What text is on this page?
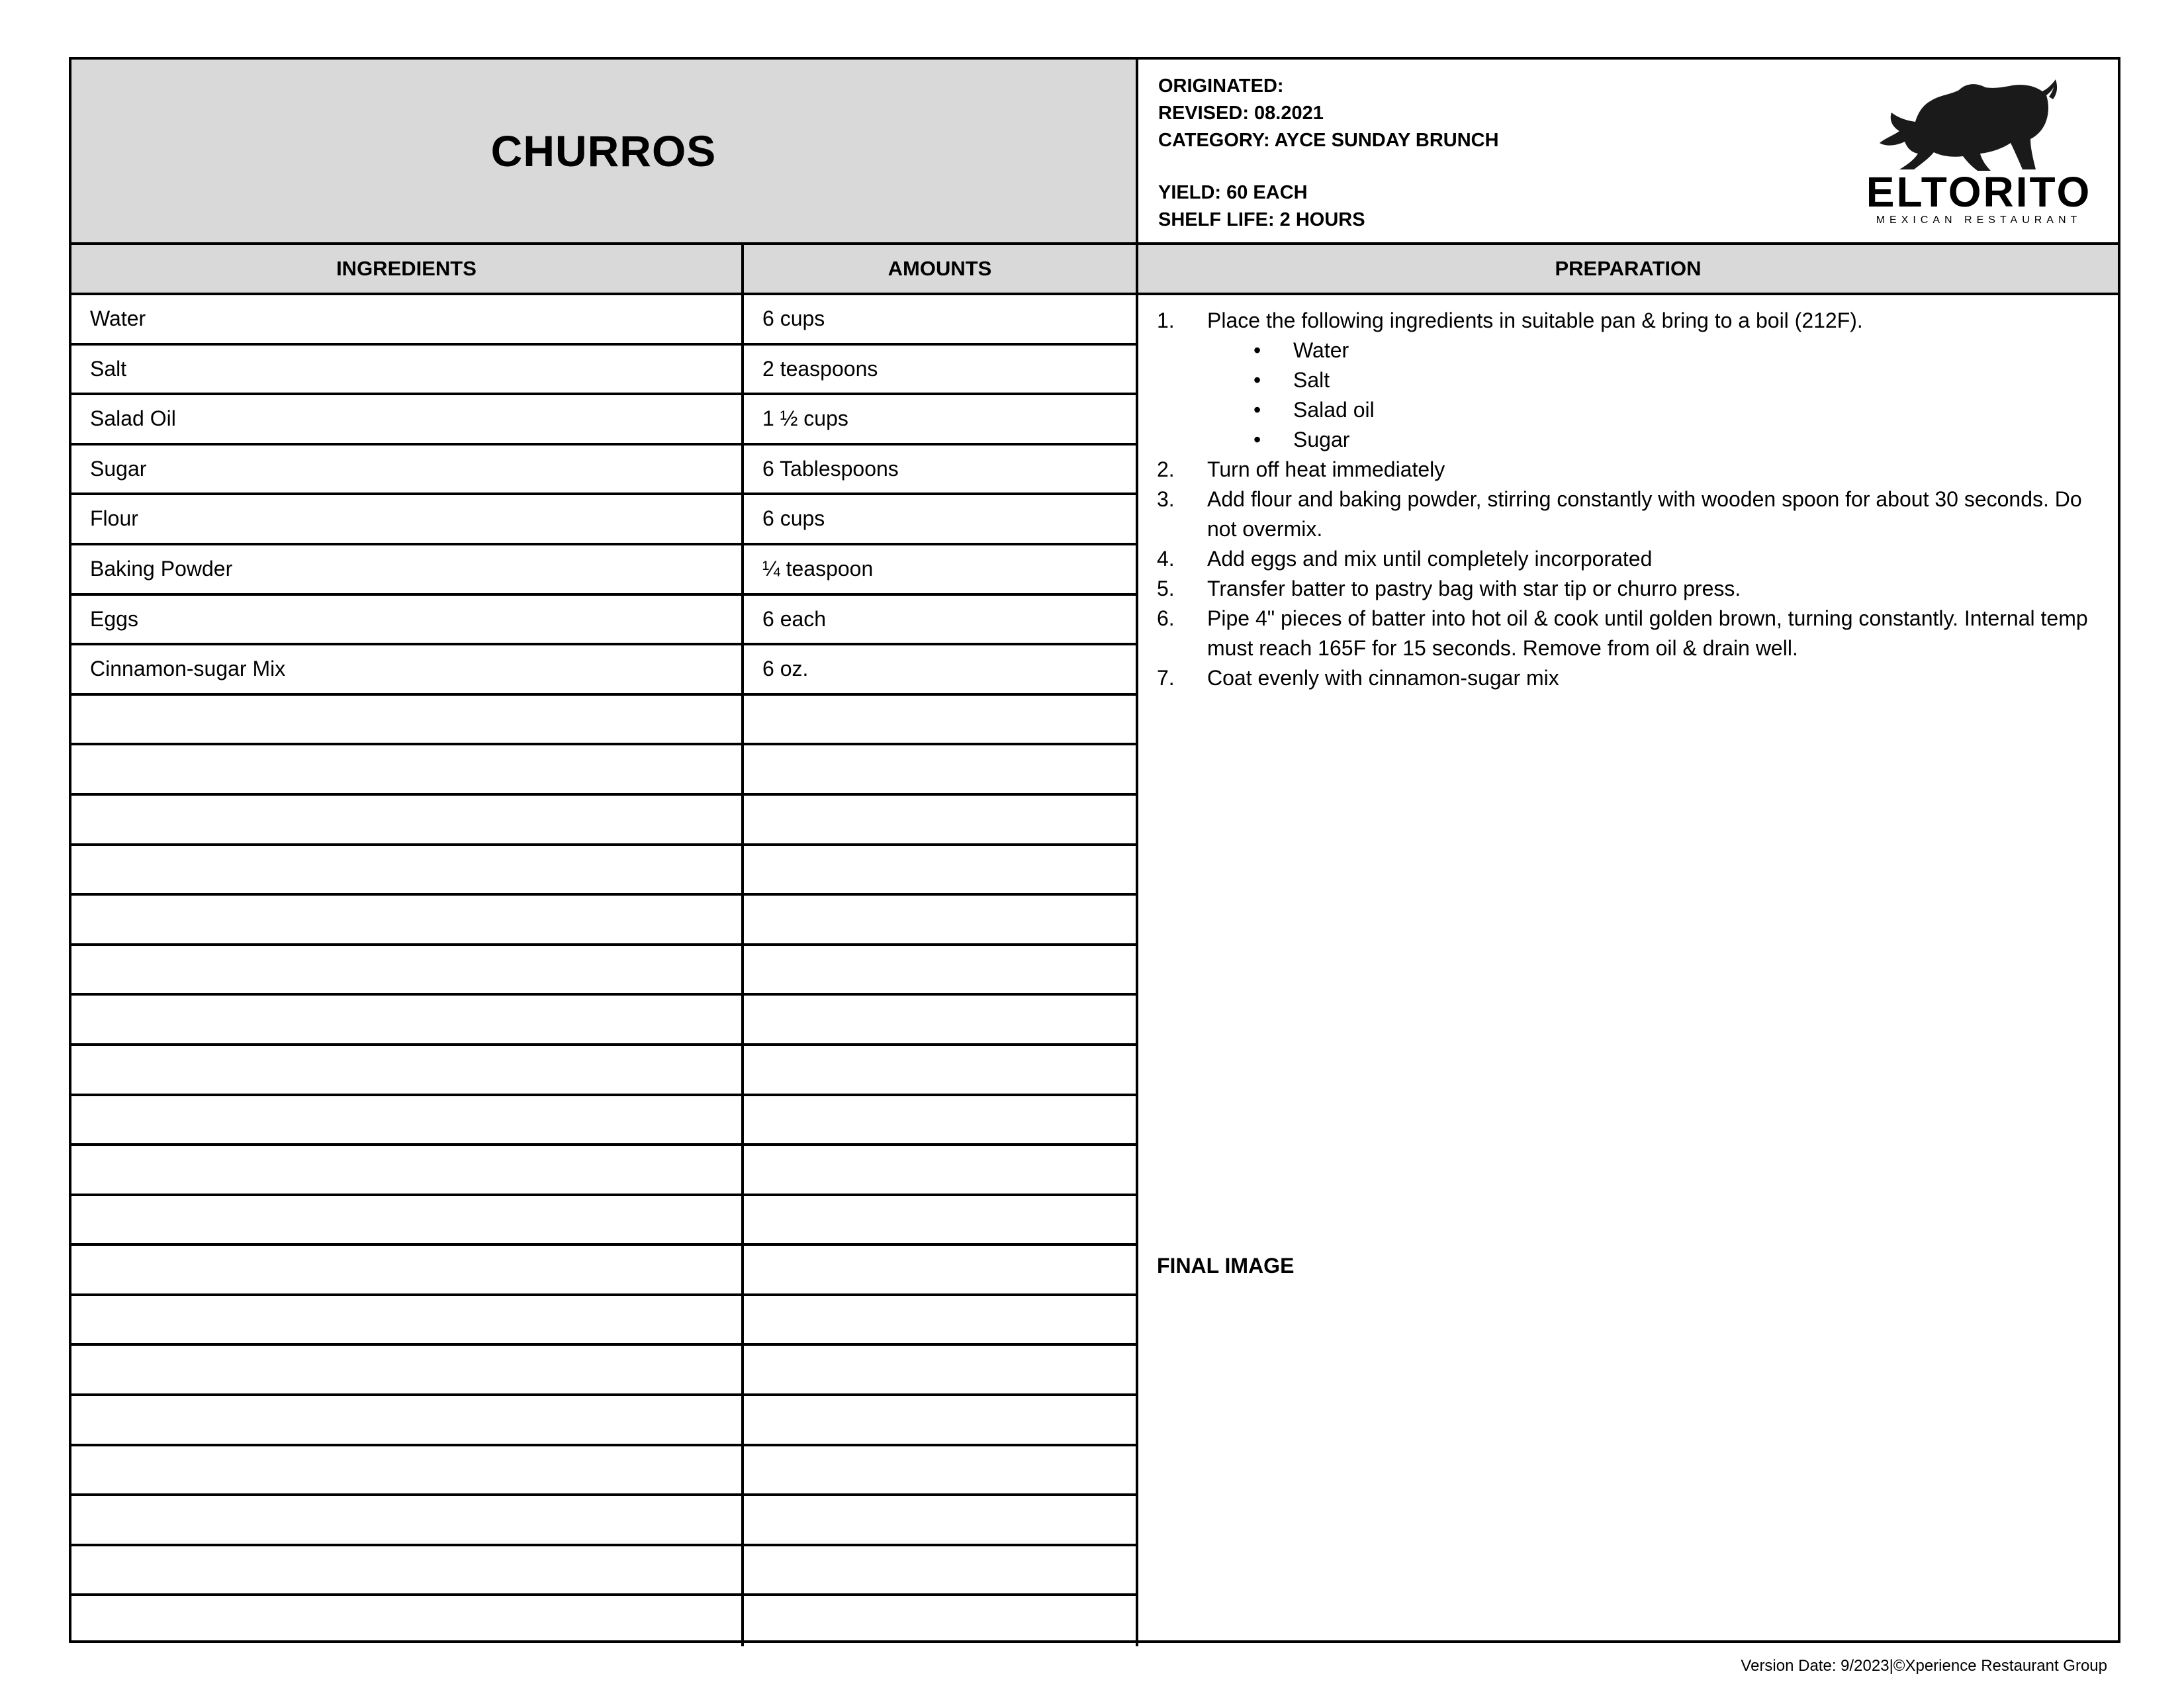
CHURROS
ORIGINATED:
REVISED: 08.2021
CATEGORY: AYCE SUNDAY BRUNCH
YIELD: 60 EACH
SHELF LIFE: 2 HOURS
ELTORITO
MEXICAN RESTAURANT
INGREDIENTS	AMOUNTS	PREPARATION
Water	6 cups
Salt	2 teaspoons
Salad Oil	1 ½ cups
Sugar	6 Tablespoons
Flour	6 cups
Baking Powder	¼ teaspoon
Eggs	6 each
Cinnamon-sugar Mix	6 oz.
1.	Place the following ingredients in suitable pan & bring to a boil (212F).
•	Water
•	Salt
•	Salad oil
•	Sugar
2.	Turn off heat immediately
3.	Add flour and baking powder, stirring constantly with wooden spoon for about 30 seconds. Do not overmix.
4.	Add eggs and mix until completely incorporated
5.	Transfer batter to pastry bag with star tip or churro press.
6.	Pipe 4" pieces of batter into hot oil & cook until golden brown, turning constantly. Internal temp must reach 165F for 15 seconds. Remove from oil & drain well.
7.	Coat evenly with cinnamon-sugar mix
FINAL IMAGE
Version Date: 9/2023|©Xperience Restaurant Group
